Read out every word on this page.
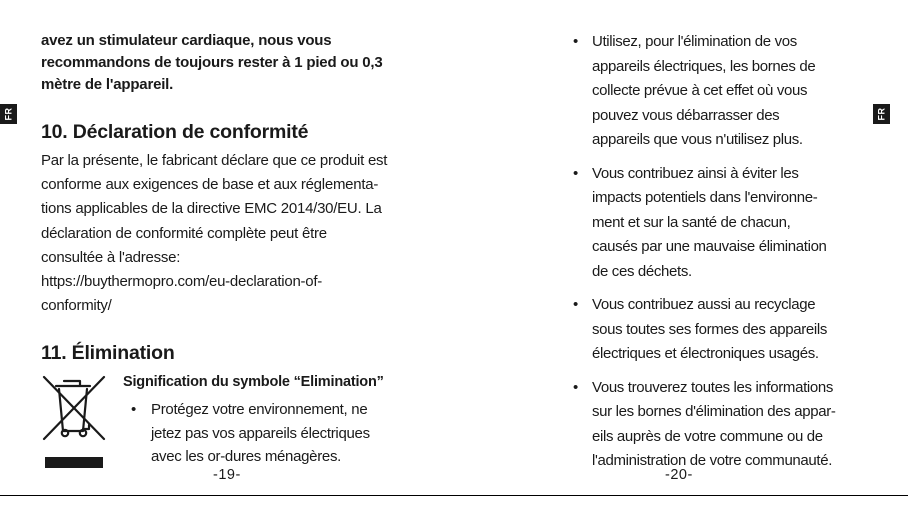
FR
avez un stimulateur cardiaque, nous vous
recommandons de toujours rester à 1 pied ou 0,3
mètre de l'appareil.
10. Déclaration de conformité
Par la présente, le fabricant déclare que ce produit est
conforme aux exigences de base et aux réglementa-
tions applicables de la directive EMC 2014/30/EU. La
déclaration de conformité complète peut être
consultée à l'adresse:
https://buythermopro.com/eu-declaration-of-
conformity/
11. Élimination
Signification du symbole “Elimination”
• Protégez votre environnement, ne
jetez pas vos appareils électriques
avec les or-dures ménagères.
-19-
FR
• Utilisez, pour l'élimination de vos
appareils électriques, les bornes de
collecte prévue à cet effet où vous
pouvez vous débarrasser des
appareils que vous n'utilisez plus.
• Vous contribuez ainsi à éviter les
impacts potentiels dans l'environne-
ment et sur la santé de chacun,
causés par une mauvaise élimination
de ces déchets.
• Vous contribuez aussi au recyclage
sous toutes ses formes des appareils
électriques et électroniques usagés.
• Vous trouverez toutes les informations
sur les bornes d'élimination des appar-
eils auprès de votre commune ou de
l'administration de votre communauté.
-20-
